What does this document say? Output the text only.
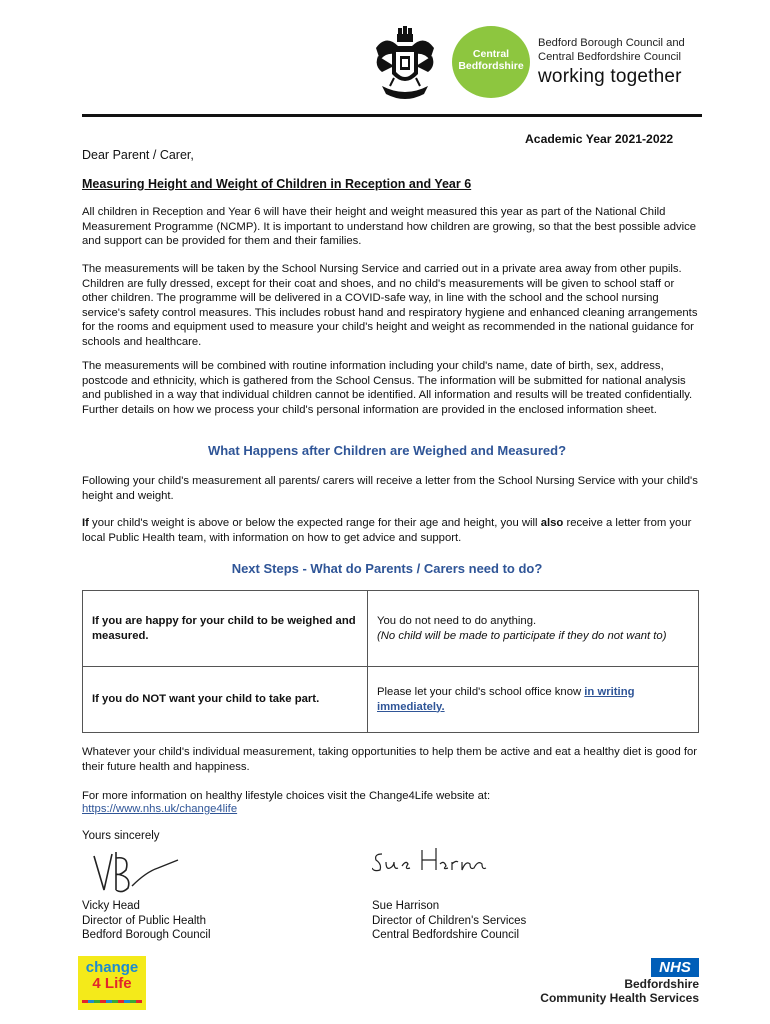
Central
Bedfordshire
Bedford Borough Council and
Central Bedfordshire Council
working together
Academic Year 2021-2022
Dear Parent / Carer,
Measuring Height and Weight of Children in Reception and Year 6

All children in Reception and Year 6 will have their height and weight measured this year as part of the National Child Measurement Programme (NCMP). It is important to understand how children are growing, so that the best possible advice and support can be provided for them and their families.

The measurements will be taken by the School Nursing Service and carried out in a private area away from other pupils. Children are fully dressed, except for their coat and shoes, and no child's measurements will be given to school staff or other children. The programme will be delivered in a COVID-safe way, in line with the school and the school nursing service's safety control measures. This includes robust hand and respiratory hygiene and enhanced cleaning arrangements for the rooms and equipment used to measure your child's height and weight as recommended in the national guidance for schools and healthcare.

The measurements will be combined with routine information including your child's name, date of birth, sex, address, postcode and ethnicity, which is gathered from the School Census. The information will be submitted for national analysis and published in a way that individual children cannot be identified. All information and results will be treated confidentially. Further details on how we process your child's personal information are provided in the enclosed information sheet.

What Happens after Children are Weighed and Measured?

Following your child's measurement all parents/ carers will receive a letter from the School Nursing Service with your child's height and weight.

If your child's weight is above or below the expected range for their age and height, you will also receive a letter from your local Public Health team, with information on how to get advice and support.

Next Steps - What do Parents / Carers need to do?
If you are happy for your child to be weighed and measured.	You do not need to do anything.
(No child will be made to participate if they do not want to)

If you do NOT want your child to take part.	Please let your child's school office know in writing immediately.

Whatever your child's individual measurement, taking opportunities to help them be active and eat a healthy diet is good for their future health and happiness.

For more information on healthy lifestyle choices visit the Change4Life website at:

https://www.nhs.uk/change4life
Yours sincerely
Vicky Head
Director of Public Health
Bedford Borough Council
Sue Harrison
Director of Children's Services
Central Bedfordshire Council
change
4 Life
NHS
Bedfordshire
Community Health Services
